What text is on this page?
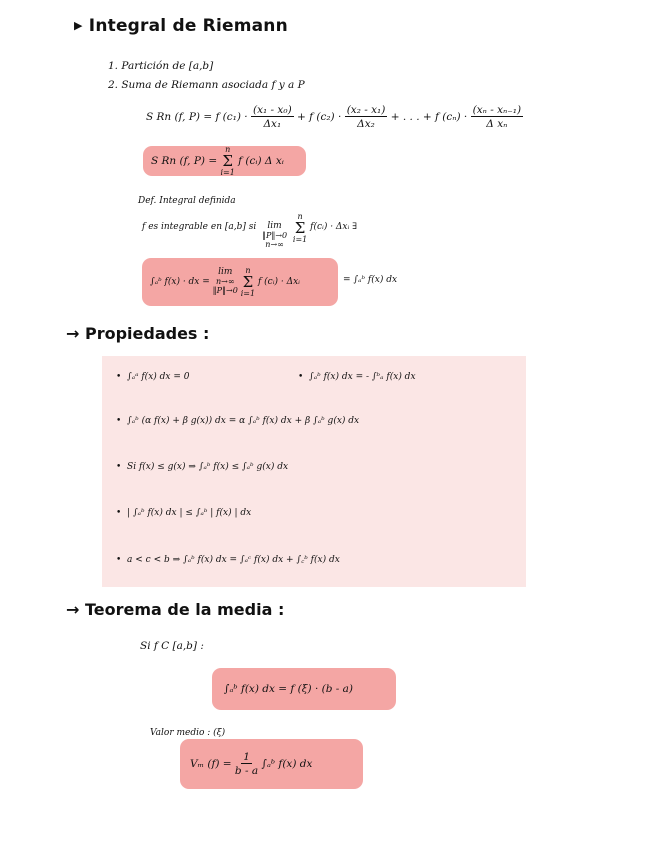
▶ Integral de Riemann
1. Partición de [a,b]
2. Suma de Riemann asociada f y a P
S Rn (f, P) = f $(c_1) \cdot \frac{\text{(x₁ - x₀)}}{\text{Δx₁}} + f$ $(c_2) \cdot \frac{\text{(x₂ - x₁)}}{\text{Δx₂}}$ + . . . + f $(c_n) \cdot \frac{\text{(xₙ - xₙ₋₁)}}{\text{Δ xₙ}}$
S Rn (f, P) =

n
Σ
i=1

f (cᵢ) Δ xᵢ
Def. Integral definida
f es integrable en [a,b] si
lim
‖P‖→0
n→∞

n
Σ
i=1

f(cᵢ) · Δxᵢ ∃
∫ₐᵇ f(x) · dx =

lim
n→∞
‖P‖→0

n
Σ
i=1

f (cᵢ) · Δxᵢ	= ∫ₐᵇ f(x) dx
→ Propiedades :
• ∫ₐᵃ f(x) dx = 0	• ∫ₐᵇ f(x) dx = - ∫ᵇₐ f(x) dx
• ∫ₐᵇ (α f(x) + β g(x)) dx = α ∫ₐᵇ f(x) dx + β ∫ₐᵇ g(x) dx
• Si f(x) ≤ g(x) ⇒ ∫ₐᵇ f(x) ≤ ∫ₐᵇ g(x) dx
• | ∫ₐᵇ f(x) dx | ≤ ∫ₐᵇ | f(x) | dx
• a < c < b ⇒ ∫ₐᵇ f(x) dx = ∫ₐᶜ f(x) dx + ∫꜀ᵇ f(x) dx
→ Teorema de la media :
Si f C [a,b] :
∫ₐᵇ f(x) dx = f (ξ) · (b - a)
Valor medio : (ξ)
Vₘ (f) =
$\frac{1}{b - a}$
∫ₐᵇ f(x) dx
